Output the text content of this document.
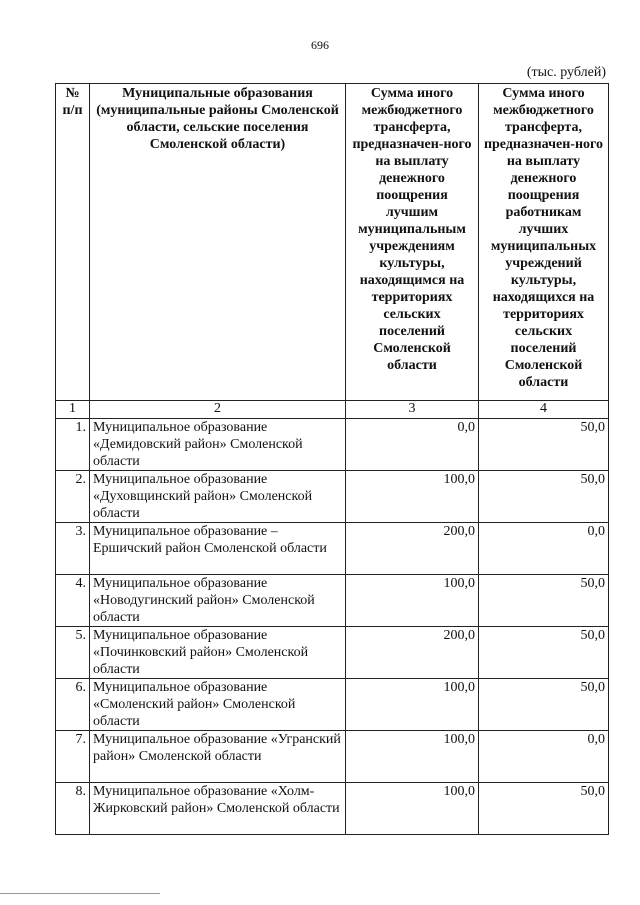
696
(тыс. рублей)
№ п/п	Муниципальные образования (муниципальные районы Смоленской области, сельские поселения Смоленской области)	Сумма иного межбюджетного трансферта, предназначен-ного на выплату денежного поощрения лучшим муниципальным учреждениям культуры, находящимся на территориях сельских поселений Смоленской области	Сумма иного межбюджетного трансферта, предназначен-ного на выплату денежного поощрения работникам лучших муниципальных учреждений культуры, находящихся на территориях сельских поселений Смоленской области
1	2	3	4
1.	Муниципальное образование «Демидовский район» Смоленской области	0,0	50,0
2.	Муниципальное образование «Духовщинский район» Смоленской области	100,0	50,0
3.	Муниципальное образование – Ершичский район Смоленской области	200,0	0,0
4.	Муниципальное образование «Новодугинский район» Смоленской области	100,0	50,0
5.	Муниципальное образование «Починковский район» Смоленской области	200,0	50,0
6.	Муниципальное образование «Смоленский район» Смоленской области	100,0	50,0
7.	Муниципальное образование «Угранский район» Смоленской области	100,0	0,0
8.	Муниципальное образование «Холм-Жирковский район» Смоленской области	100,0	50,0
